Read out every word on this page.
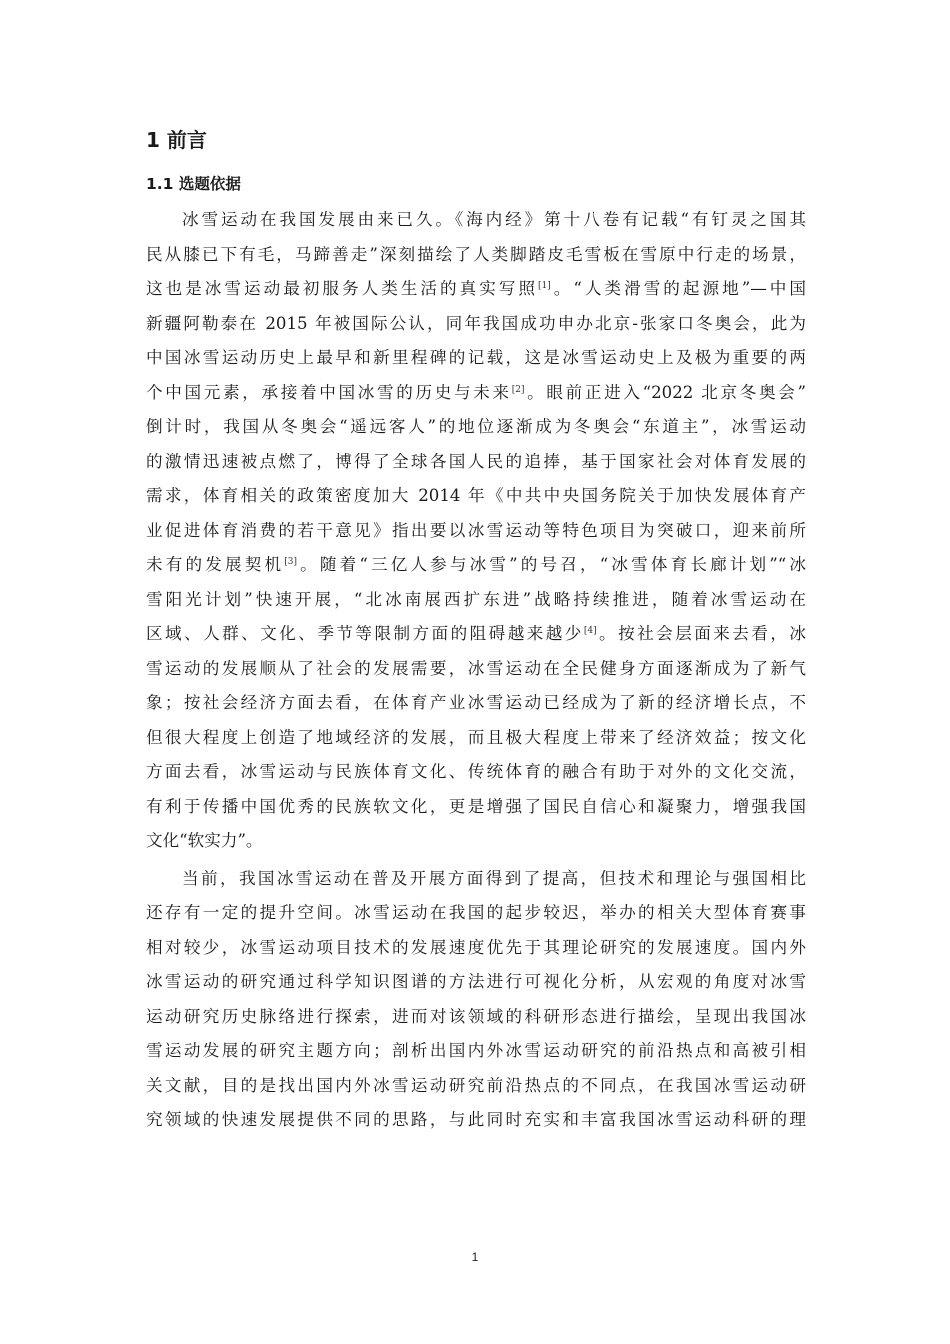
1 前言
1.1 选题依据
冰雪运动在我国发展由来已久。《海内经》第十八卷有记载“有钉灵之国其
民从膝已下有毛，马蹄善走”深刻描绘了人类脚踏皮毛雪板在雪原中行走的场景，
这也是冰雪运动最初服务人类生活的真实写照[1]。“人类滑雪的起源地”—中国
新疆阿勒泰在 2015 年被国际公认，同年我国成功申办北京-张家口冬奥会，此为
中国冰雪运动历史上最早和新里程碑的记载，这是冰雪运动史上及极为重要的两
个中国元素，承接着中国冰雪的历史与未来[2]。眼前正进入“2022 北京冬奥会”
倒计时，我国从冬奥会“遥远客人”的地位逐渐成为冬奥会“东道主”，冰雪运动
的激情迅速被点燃了，博得了全球各国人民的追捧，基于国家社会对体育发展的
需求，体育相关的政策密度加大 2014 年《中共中央国务院关于加快发展体育产
业促进体育消费的若干意见》指出要以冰雪运动等特色项目为突破口，迎来前所
未有的发展契机[3]。随着“三亿人参与冰雪”的号召，“冰雪体育长廊计划”“冰
雪阳光计划”快速开展，“北冰南展西扩东进”战略持续推进，随着冰雪运动在
区域、人群、文化、季节等限制方面的阻碍越来越少[4]。按社会层面来去看，冰
雪运动的发展顺从了社会的发展需要，冰雪运动在全民健身方面逐渐成为了新气
象；按社会经济方面去看，在体育产业冰雪运动已经成为了新的经济增长点，不
但很大程度上创造了地域经济的发展，而且极大程度上带来了经济效益；按文化
方面去看，冰雪运动与民族体育文化、传统体育的融合有助于对外的文化交流，
有利于传播中国优秀的民族软文化，更是增强了国民自信心和凝聚力，增强我国
文化“软实力”。
当前，我国冰雪运动在普及开展方面得到了提高，但技术和理论与强国相比
还存有一定的提升空间。冰雪运动在我国的起步较迟，举办的相关大型体育赛事
相对较少，冰雪运动项目技术的发展速度优先于其理论研究的发展速度。国内外
冰雪运动的研究通过科学知识图谱的方法进行可视化分析，从宏观的角度对冰雪
运动研究历史脉络进行探索，进而对该领域的科研形态进行描绘，呈现出我国冰
雪运动发展的研究主题方向；剖析出国内外冰雪运动研究的前沿热点和高被引相
关文献，目的是找出国内外冰雪运动研究前沿热点的不同点，在我国冰雪运动研
究领域的快速发展提供不同的思路，与此同时充实和丰富我国冰雪运动科研的理
1
